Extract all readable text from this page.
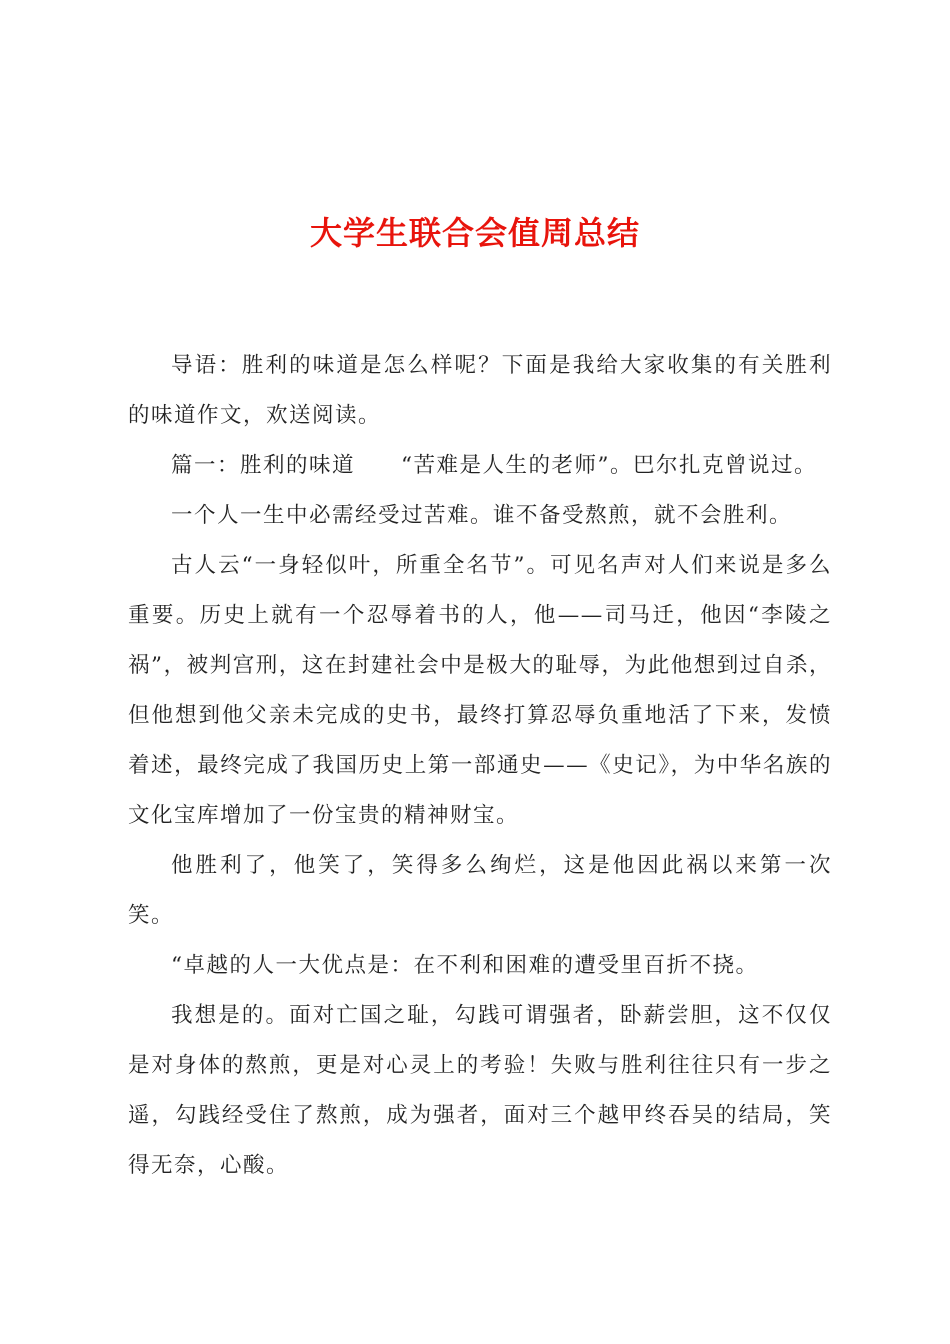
大学生联合会值周总结

导语：胜利的味道是怎么样呢？下面是我给大家收集的有关胜利的味道作文，欢送阅读。

篇一：胜利的味道　　“苦难是人生的老师”。巴尔扎克曾说过。

一个人一生中必需经受过苦难。谁不备受熬煎，就不会胜利。

古人云“一身轻似叶，所重全名节”。可见名声对人们来说是多么重要。历史上就有一个忍辱着书的人，他——司马迁，他因“李陵之祸”，被判宫刑，这在封建社会中是极大的耻辱，为此他想到过自杀，但他想到他父亲未完成的史书，最终打算忍辱负重地活了下来，发愤着述，最终完成了我国历史上第一部通史——《史记》，为中华名族的文化宝库增加了一份宝贵的精神财宝。

他胜利了，他笑了，笑得多么绚烂，这是他因此祸以来第一次笑。

“卓越的人一大优点是：在不利和困难的遭受里百折不挠。

我想是的。面对亡国之耻，勾践可谓强者，卧薪尝胆，这不仅仅是对身体的熬煎，更是对心灵上的考验！失败与胜利往往只有一步之遥，勾践经受住了熬煎，成为强者，面对三个越甲终吞吴的结局，笑得无奈，心酸。
